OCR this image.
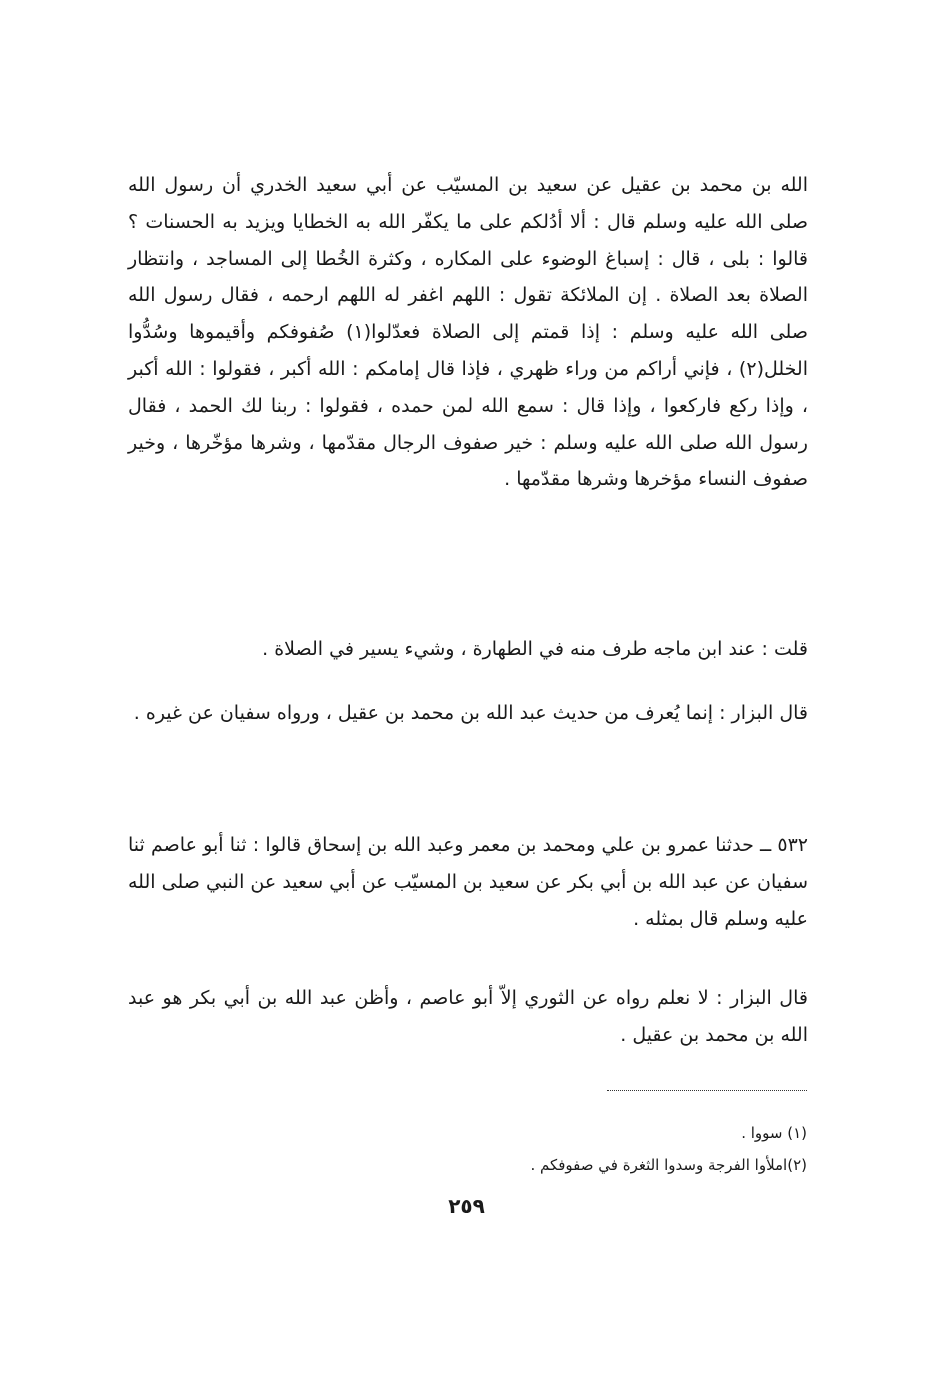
الله بن محمد بن عقيل عن سعيد بن المسيّب عن أبي سعيد الخدري أن رسول الله صلى الله عليه وسلم قال : ألا أدُلكم على ما يكفّر الله به الخطايا ويزيد به الحسنات ؟ قالوا : بلى ، قال : إسباغ الوضوء على المكاره ، وكثرة الخُطا إلى المساجد ، وانتظار الصلاة بعد الصلاة . إن الملائكة تقول : اللهم اغفر له اللهم ارحمه ، فقال رسول الله صلى الله عليه وسلم : إذا قمتم إلى الصلاة فعدّلوا(١) صُفوفكم وأقيموها وسُدُّوا الخلل(٢) ، فإني أراكم من وراء ظهري ، فإذا قال إمامكم : الله أكبر ، فقولوا : الله أكبر ، وإذا ركع فاركعوا ، وإذا قال : سمع الله لمن حمده ، فقولوا : ربنا لك الحمد ، فقال رسول الله صلى الله عليه وسلم : خير صفوف الرجال مقدّمها ، وشرها مؤخّرها ، وخير صفوف النساء مؤخرها وشرها مقدّمها .

قلت : عند ابن ماجه طرف منه في الطهارة ، وشيء يسير في الصلاة .

قال البزار : إنما يُعرف من حديث عبد الله بن محمد بن عقيل ، ورواه سفيان عن غيره .

٥٣٢ ــ حدثنا عمرو بن علي ومحمد بن معمر وعبد الله بن إسحاق قالوا : ثنا أبو عاصم ثنا سفيان عن عبد الله بن أبي بكر عن سعيد بن المسيّب عن أبي سعيد عن النبي صلى الله عليه وسلم قال بمثله .

قال البزار : لا نعلم رواه عن الثوري إلاّ أبو عاصم ، وأظن عبد الله بن أبي بكر هو عبد الله بن محمد بن عقيل .

(١) سووا .

(٢)املأوا الفرجة وسدوا الثغرة في صفوفكم .

٢٥٩
